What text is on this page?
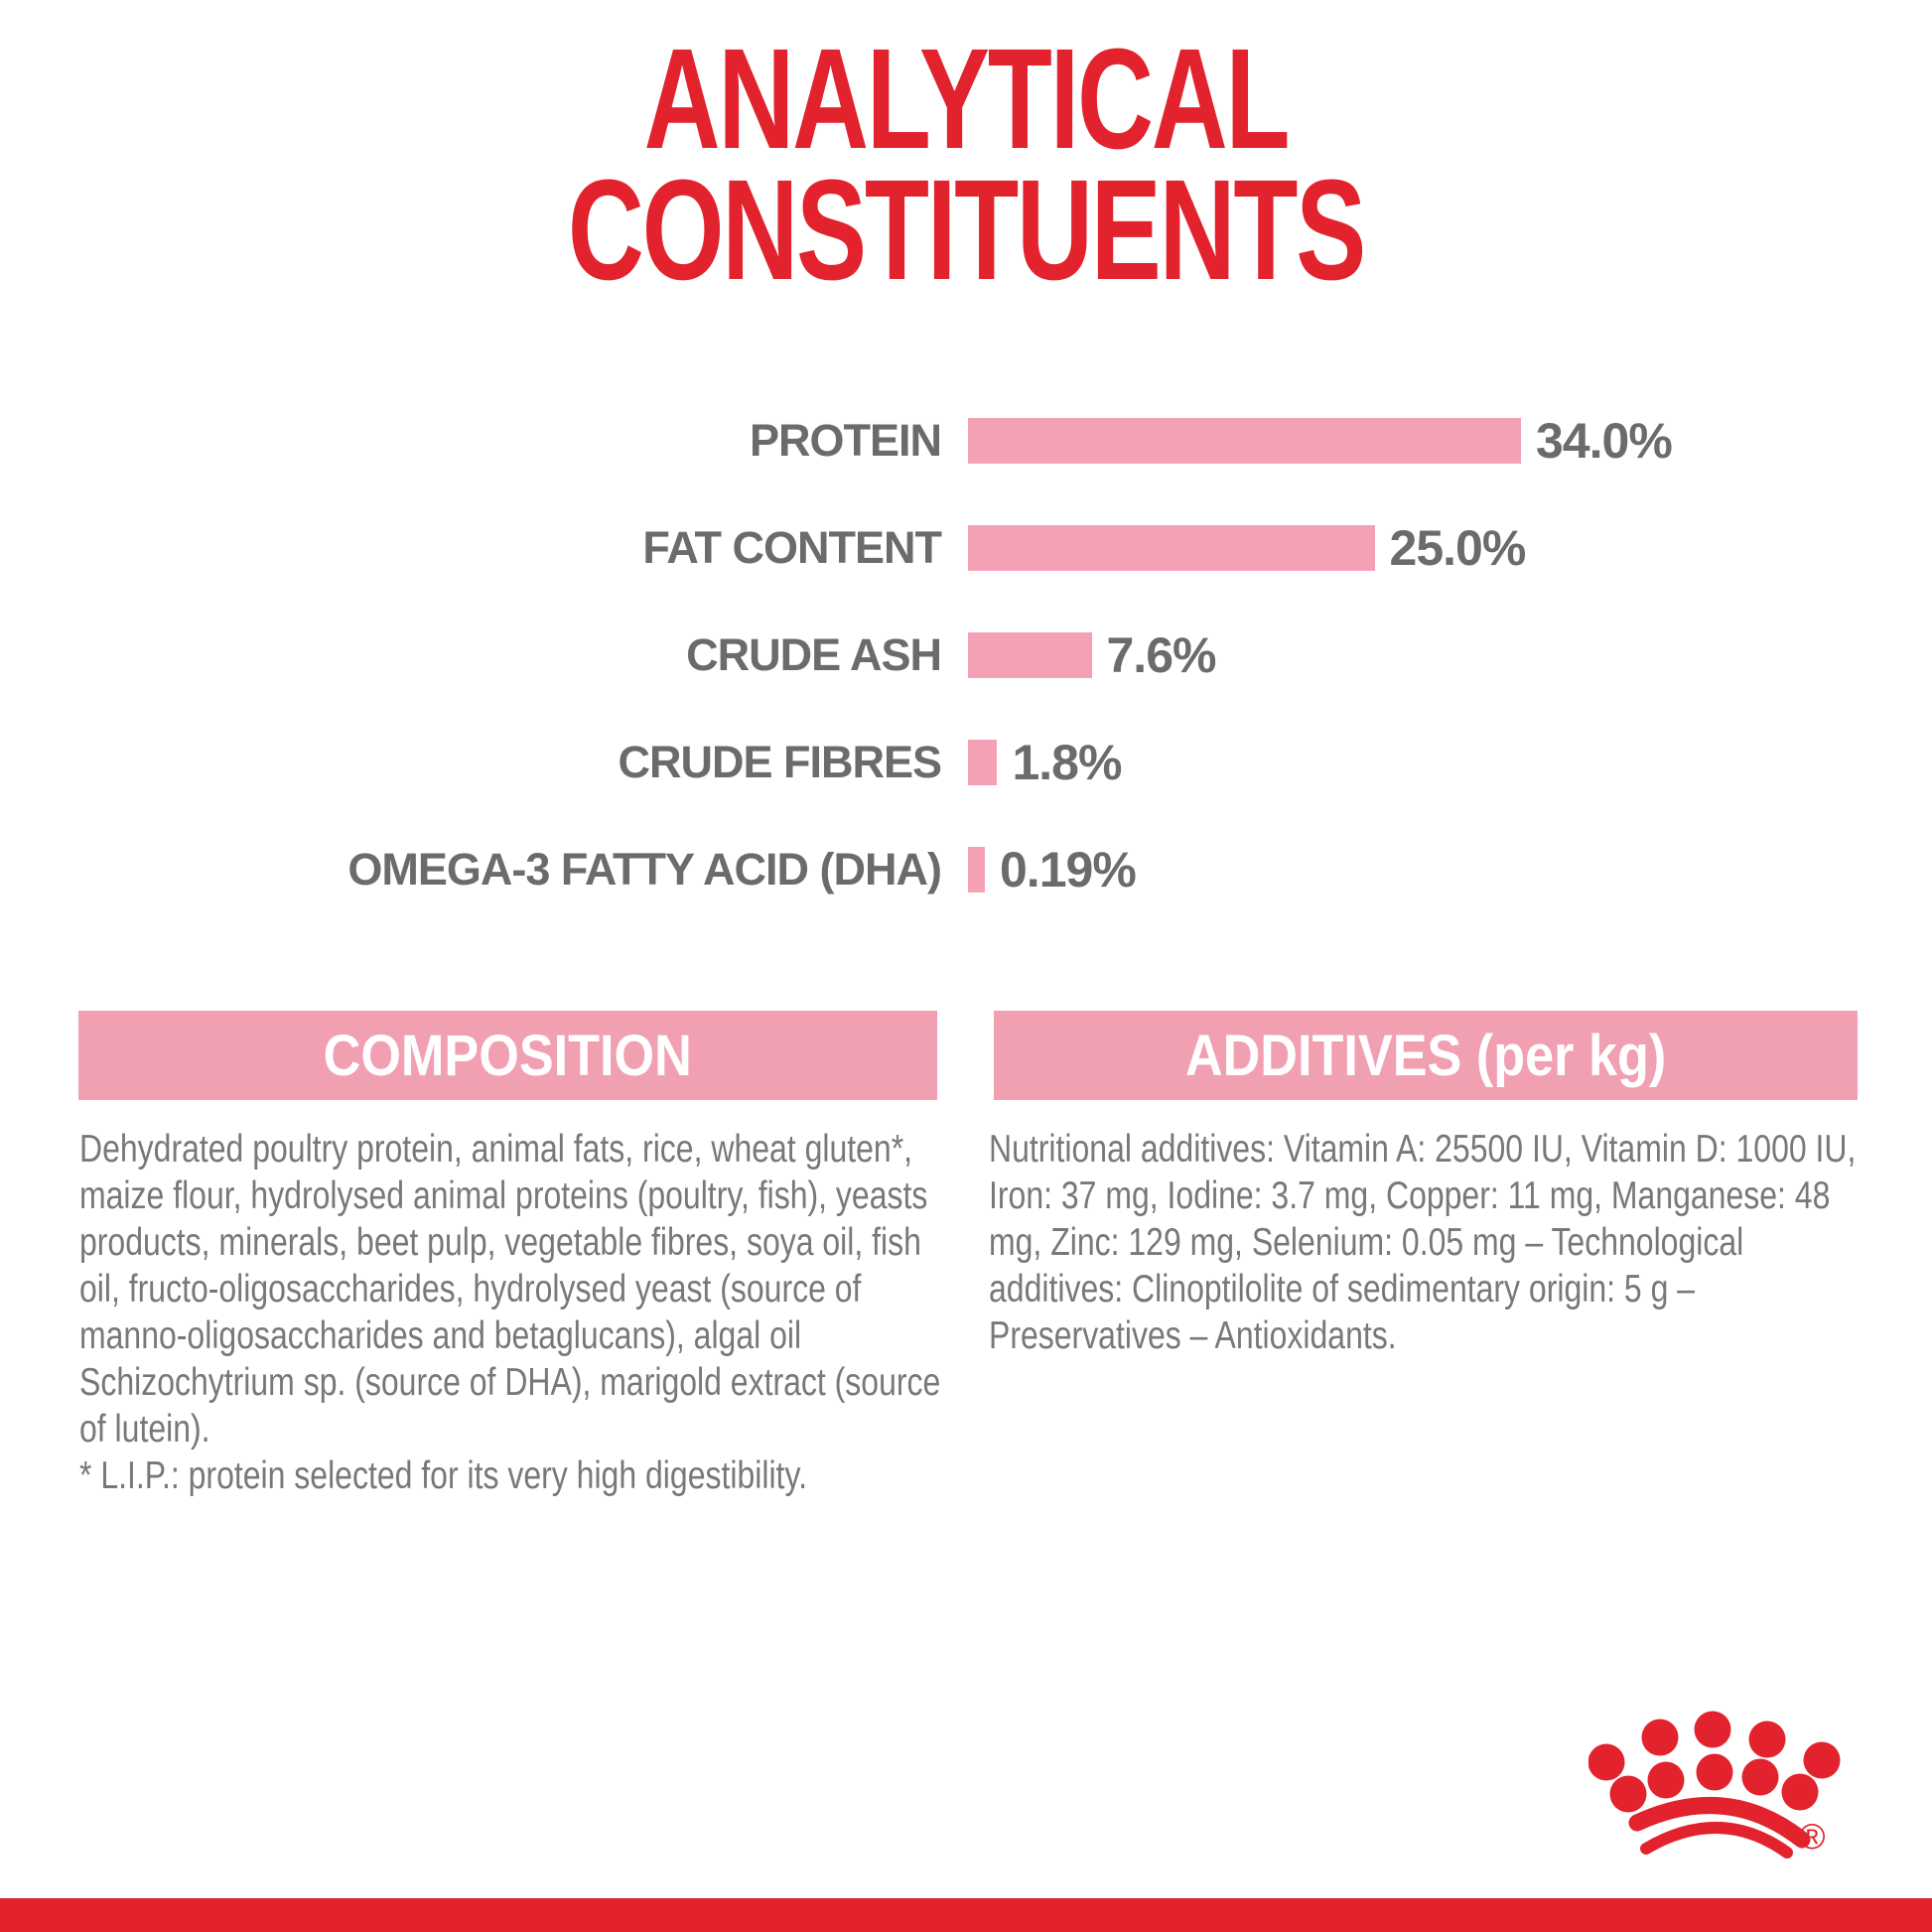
ANALYTICAL
CONSTITUENTS
PROTEIN	34.0%
FAT CONTENT	25.0%
CRUDE ASH	7.6%
CRUDE FIBRES 1.8%
OMEGA-3 FATTY ACID (DHA) 0.19%
COMPOSITION	ADDITIVES (per kg)

Dehydrated poultry protein, animal fats, rice, wheat gluten*, maize flour, hydrolysed animal proteins (poultry, fish), yeasts products, minerals, beet pulp, vegetable fibres, soya oil, fish oil, fructo-oligosaccharides, hydrolysed yeast (source of manno-oligosaccharides and betaglucans), algal oil Schizochytrium sp. (source of DHA), marigold extract (source of lutein).

* L.I.P.: protein selected for its very high digestibility.

Nutritional additives: Vitamin A: 25500 IU, Vitamin D: 1000 IU, Iron: 37 mg, Iodine: 3.7 mg, Copper: 11 mg, Manganese: 48 mg, Zinc: 129 mg, Selenium: 0.05 mg – Technological additives: Clinoptilolite of sedimentary origin: 5 g – Preservatives – Antioxidants.

®
